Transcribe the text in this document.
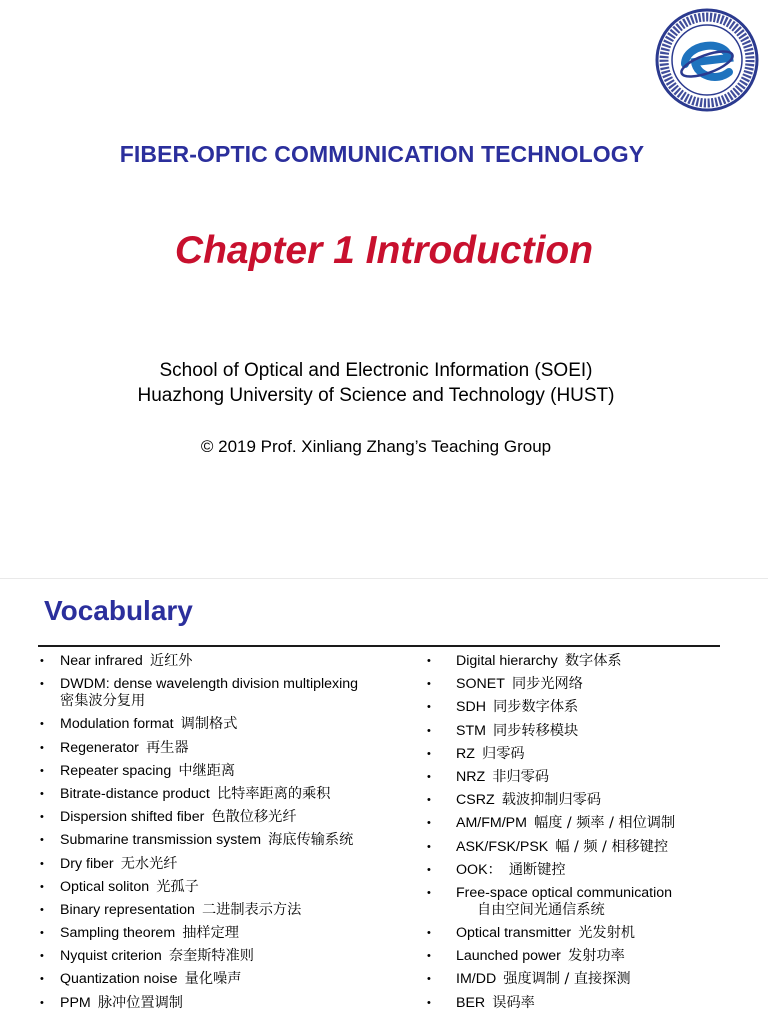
FIBER-OPTIC COMMUNICATION TECHNOLOGY
Chapter 1 Introduction
School of Optical and Electronic Information (SOEI)
Huazhong University of Science and Technology (HUST)
© 2019 Prof. Xinliang Zhang’s Teaching Group
Vocabulary
• Near infrared  近红外
• DWDM: dense wavelength division multiplexing
密集波分复用
• Modulation format  调制格式
• Regenerator  再生器
• Repeater spacing  中继距离
• Bitrate-distance product  比特率距离的乘积
• Dispersion shifted fiber  色散位移光纤
• Submarine transmission system  海底传输系统
• Dry fiber  无水光纤
• Optical soliton  光孤子
• Binary representation  二进制表示方法
• Sampling theorem  抽样定理
• Nyquist criterion  奈奎斯特准则
• Quantization noise  量化噪声
• PPM  脉冲位置调制
• Digital hierarchy  数字体系
• SONET  同步光网络
• SDH  同步数字体系
• STM  同步转移模块
• RZ  归零码
• NRZ  非归零码
• CSRZ  载波抑制归零码
• AM/FM/PM  幅度 / 频率 / 相位调制
• ASK/FSK/PSK  幅 / 频 / 相移键控
• OOK：  通断键控
• Free-space optical communication
自由空间光通信系统
• Optical transmitter  光发射机
• Launched power  发射功率
• IM/DD  强度调制 / 直接探测
• BER  误码率
